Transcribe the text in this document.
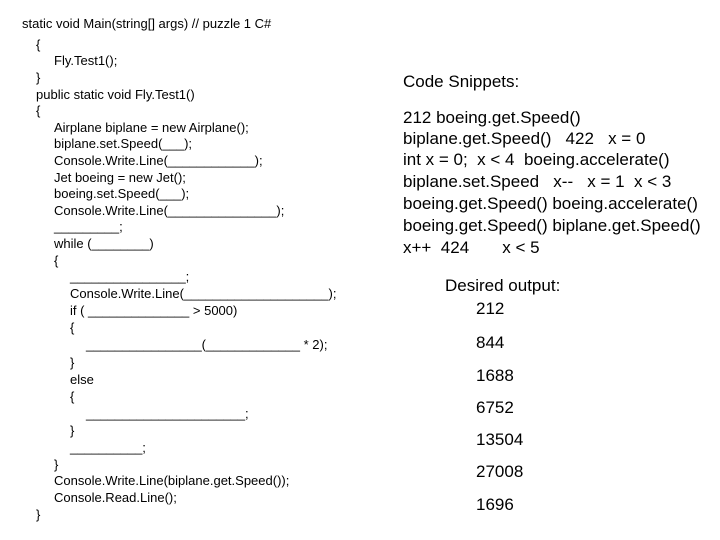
static void Main(string[] args) // puzzle 1 C#
{
Fly.Test1();
}
public static void Fly.Test1()
{
Airplane biplane = new Airplane();
biplane.set.Speed(___);
Console.Write.Line(____________);
Jet boeing = new Jet();
boeing.set.Speed(___);
Console.Write.Line(_______________);
_________;
while (________)
{
________________;
Console.Write.Line(____________________);
if ( ______________ > 5000)
{
________________(_____________ * 2);
}
else
{
______________________;
}
__________;
}
Console.Write.Line(biplane.get.Speed());
Console.Read.Line();
}
Code Snippets:
212 boeing.get.Speed()
biplane.get.Speed()   422   x = 0
int x = 0;  x < 4  boeing.accelerate()
biplane.set.Speed   x--   x = 1  x < 3
boeing.get.Speed() boeing.accelerate()
boeing.get.Speed() biplane.get.Speed()
x++  424       x < 5
Desired output:
212
844
1688
6752
13504
27008
1696
